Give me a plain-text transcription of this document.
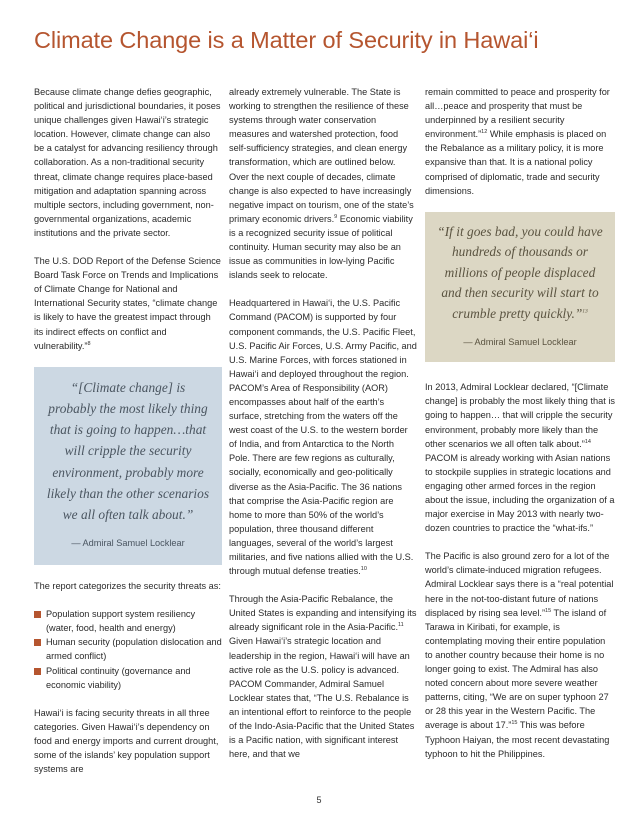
Climate Change is a Matter of Security in Hawai‘i

Because climate change defies geographic, political and jurisdictional boundaries, it poses unique challenges given Hawai‘i’s strategic location. However, climate change can also be a catalyst for advancing resiliency through collaboration. As a non-traditional security threat, climate change requires place-based mitigation and adaptation spanning across multiple sectors, including government, non-governmental organizations, academic institutions and the private sector.

The U.S. DOD Report of the Defense Science Board Task Force on Trends and Implications of Climate Change for National and International Security states, “climate change is likely to have the greatest impact through its indirect effects on conflict and vulnerability.”$^8$

“[Climate change] is probably the most likely thing that is going to happen…that will cripple the security environment, probably more likely than the other scenarios we all often talk about.”
— Admiral Samuel Locklear

The report categorizes the security threats as:

Population support system resiliency (water, food, health and energy)
Human security (population dislocation and armed conflict)
Political continuity (governance and economic viability)

Hawai‘i is facing security threats in all three categories. Given Hawai‘i’s dependency on food and energy imports and current drought, some of the islands’ key population support systems are

already extremely vulnerable. The State is working to strengthen the resilience of these systems through water conservation measures and watershed protection, food self-sufficiency strategies, and clean energy transformation, which are outlined below. Over the next couple of decades, climate change is also expected to have increasingly negative impact on tourism, one of the state’s primary economic drivers.$^9$ Economic viability is a recognized security issue of political continuity. Human security may also be an issue as communities in low-lying Pacific islands seek to relocate.

Headquartered in Hawai‘i, the U.S. Pacific Command (PACOM) is supported by four component commands, the U.S. Pacific Fleet, U.S. Pacific Air Forces, U.S. Army Pacific, and U.S. Marine Forces, with forces stationed in Hawai‘i and deployed throughout the region. PACOM’s Area of Responsibility (AOR) encompasses about half of the earth’s surface, stretching from the waters off the west coast of the U.S. to the western border of India, and from Antarctica to the North Pole. There are few regions as culturally, socially, economically and geo-politically diverse as the Asia-Pacific. The 36 nations that comprise the Asia-Pacific region are home to more than 50% of the world’s population, three thousand different languages, several of the world’s largest militaries, and five nations allied with the U.S. through mutual defense treaties.$^{10}$

Through the Asia-Pacific Rebalance, the United States is expanding and intensifying its already significant role in the Asia-Pacific.$^{11}$ Given Hawai‘i’s strategic location and leadership in the region, Hawai‘i will have an active role as the U.S. policy is advanced. PACOM Commander, Admiral Samuel Locklear states that, “The U.S. Rebalance is an intentional effort to reinforce to the people of the Indo-Asia-Pacific that the United States is a Pacific nation, with significant interest here, and that we

remain committed to peace and prosperity for all…peace and prosperity that must be underpinned by a resilient security environment.”$^{12}$ While emphasis is placed on the Rebalance as a military policy, it is more expansive than that. It is a national policy comprised of diplomatic, trade and security dimensions.

“If it goes bad, you could have hundreds of thousands or millions of people displaced and then security will start to crumble pretty quickly.”$^{13}$
— Admiral Samuel Locklear

In 2013, Admiral Locklear declared, “[Climate change] is probably the most likely thing that is going to happen… that will cripple the security environment, probably more likely than the other scenarios we all often talk about.”$^{14}$ PACOM is already working with Asian nations to stockpile supplies in strategic locations and engaging other armed forces in the region about the issue, including the organization of a major exercise in May 2013 with nearly two-dozen countries to practice the “what-ifs.”

The Pacific is also ground zero for a lot of the world’s climate-induced migration refugees. Admiral Locklear says there is a “real potential here in the not-too-distant future of nations displaced by rising sea level.”$^{15}$ The island of Tarawa in Kiribati, for example, is contemplating moving their entire population to another country because their home is no longer going to exist. The Admiral has also noted concern about more severe weather patterns, citing, “We are on super typhoon 27 or 28 this year in the Western Pacific. The average is about 17.”$^{15}$ This was before Typhoon Haiyan, the most recent devastating typhoon to hit the Philippines.

5
